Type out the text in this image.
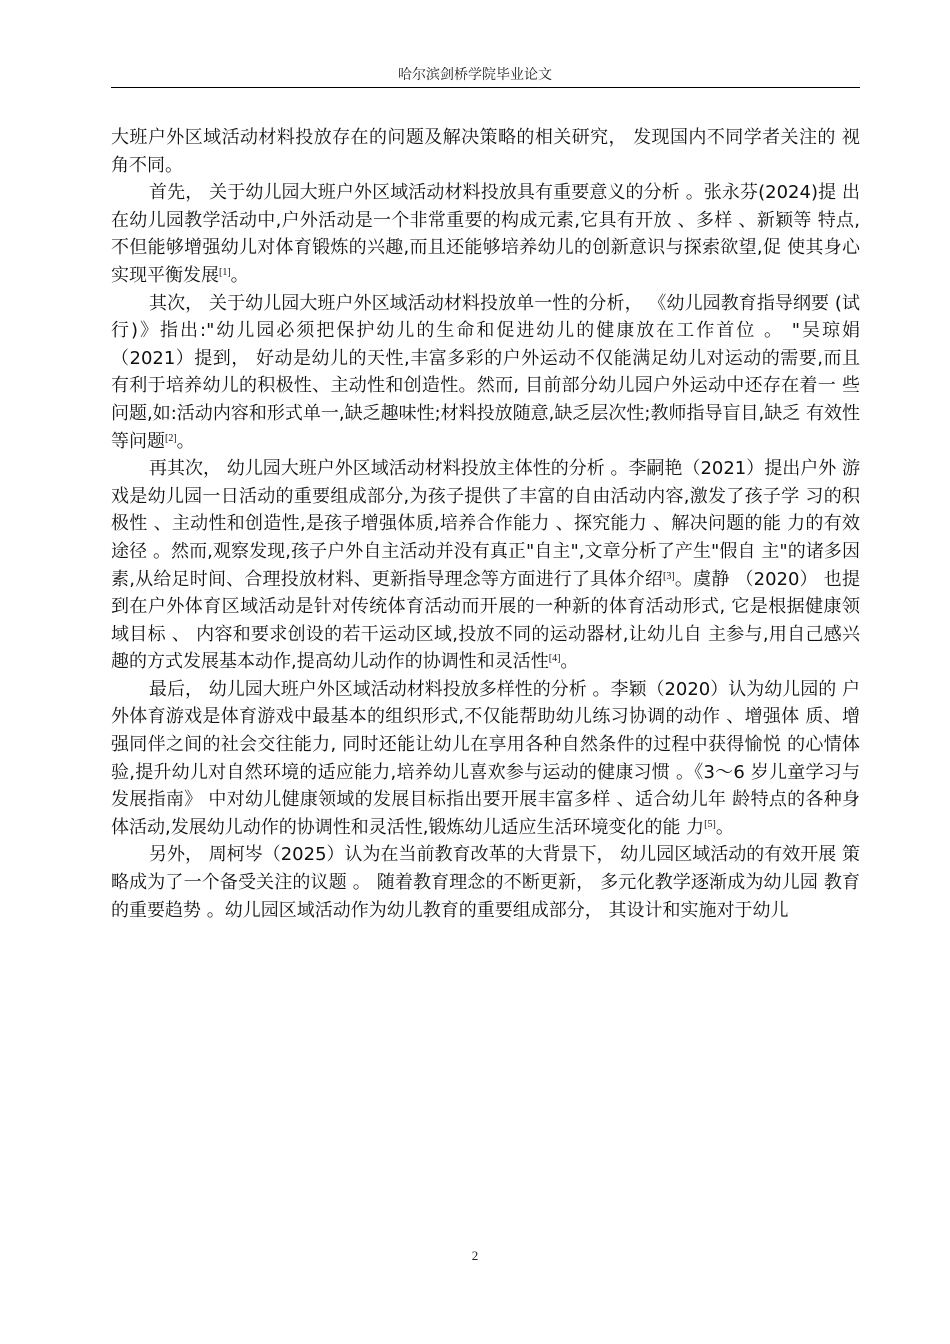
哈尔滨剑桥学院毕业论文

大班户外区域活动材料投放存在的问题及解决策略的相关研究， 发现国内不同学者关注的 视角不同。

首先， 关于幼儿园大班户外区域活动材料投放具有重要意义的分析 。张永芬(2024)提 出在幼儿园教学活动中,户外活动是一个非常重要的构成元素,它具有开放 、多样 、新颖等 特点,不但能够增强幼儿对体育锻炼的兴趣,而且还能够培养幼儿的创新意识与探索欲望,促 使其身心实现平衡发展[1]。

其次， 关于幼儿园大班户外区域活动材料投放单一性的分析， 《幼儿园教育指导纲要 (试行)》指出:"幼儿园必须把保护幼儿的生命和促进幼儿的健康放在工作首位 。 "吴琼娟 （2021）提到， 好动是幼儿的天性,丰富多彩的户外运动不仅能满足幼儿对运动的需要,而且 有利于培养幼儿的积极性、主动性和创造性。然而, 目前部分幼儿园户外运动中还存在着一 些问题,如:活动内容和形式单一,缺乏趣味性;材料投放随意,缺乏层次性;教师指导盲目,缺乏 有效性等问题[2]。

再其次， 幼儿园大班户外区域活动材料投放主体性的分析 。李嗣艳（2021）提出户外 游戏是幼儿园一日活动的重要组成部分,为孩子提供了丰富的自由活动内容,激发了孩子学 习的积极性 、主动性和创造性,是孩子增强体质,培养合作能力 、探究能力 、解决问题的能 力的有效途径 。然而,观察发现,孩子户外自主活动并没有真正"自主",文章分析了产生"假自 主"的诸多因素,从给足时间、合理投放材料、更新指导理念等方面进行了具体介绍[3]。虞静 （2020） 也提到在户外体育区域活动是针对传统体育活动而开展的一种新的体育活动形式, 它是根据健康领域目标 、 内容和要求创设的若干运动区域,投放不同的运动器材,让幼儿自 主参与,用自己感兴趣的方式发展基本动作,提高幼儿动作的协调性和灵活性[4]。

最后， 幼儿园大班户外区域活动材料投放多样性的分析 。李颖（2020）认为幼儿园的 户外体育游戏是体育游戏中最基本的组织形式,不仅能帮助幼儿练习协调的动作 、增强体 质、增强同伴之间的社会交往能力, 同时还能让幼儿在享用各种自然条件的过程中获得愉悦 的心情体验,提升幼儿对自然环境的适应能力,培养幼儿喜欢参与运动的健康习惯 。《3～6 岁儿童学习与发展指南》 中对幼儿健康领域的发展目标指出要开展丰富多样 、适合幼儿年 龄特点的各种身体活动,发展幼儿动作的协调性和灵活性,锻炼幼儿适应生活环境变化的能 力[5]。

另外， 周柯岑（2025）认为在当前教育改革的大背景下， 幼儿园区域活动的有效开展 策略成为了一个备受关注的议题 。 随着教育理念的不断更新， 多元化教学逐渐成为幼儿园 教育的重要趋势 。幼儿园区域活动作为幼儿教育的重要组成部分， 其设计和实施对于幼儿

2
